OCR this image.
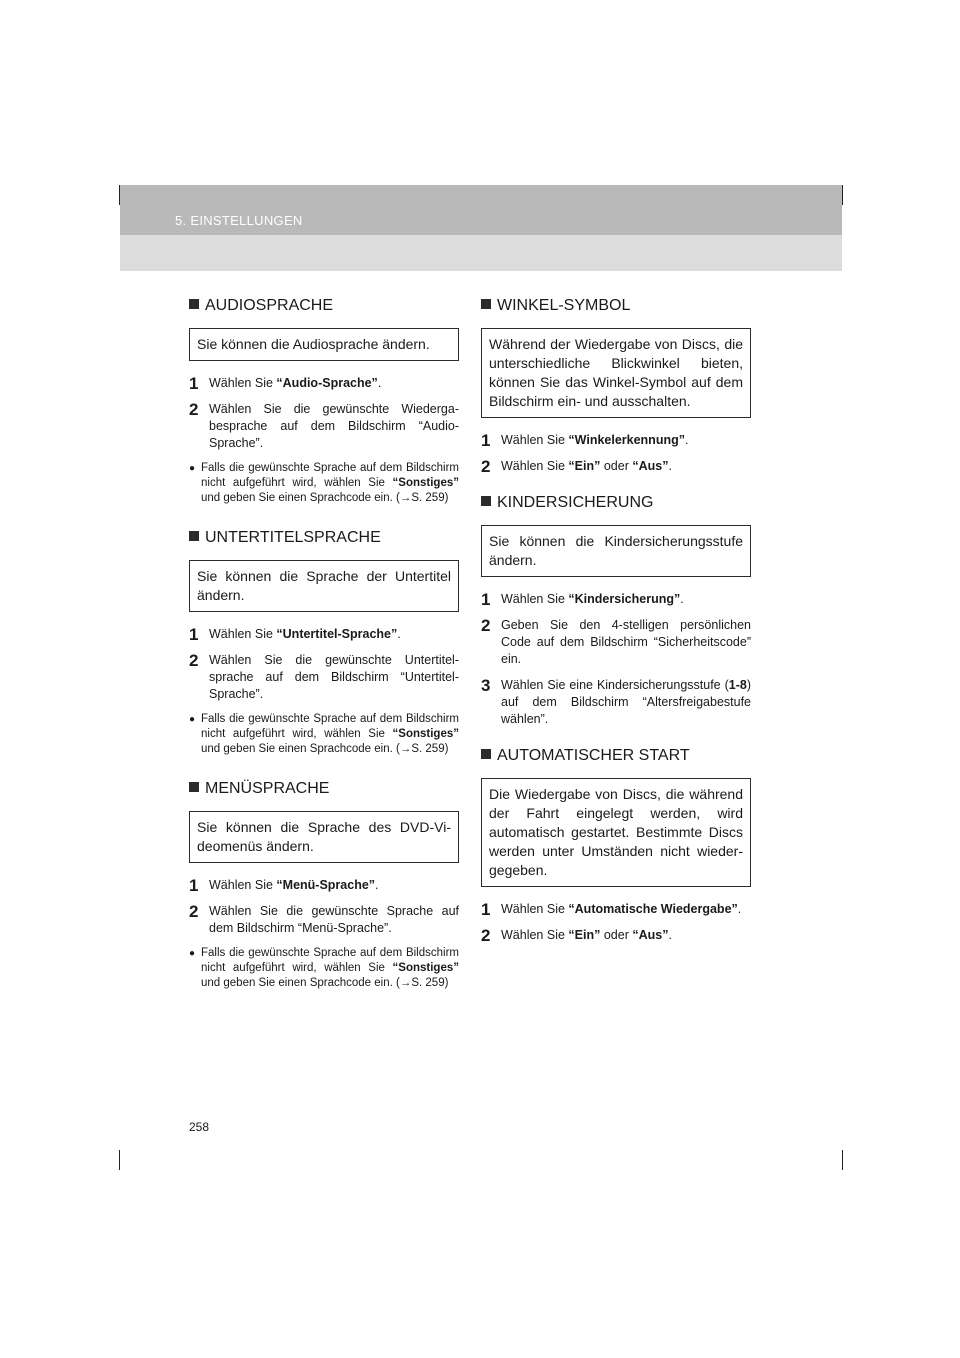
5. EINSTELLUNGEN
AUDIOSPRACHE
Sie können die Audiosprache ändern.
1 Wählen Sie “Audio-Sprache”.
2 Wählen Sie die gewünschte Wiedergabesprache auf dem Bildschirm “Audio-Sprache”.
● Falls die gewünschte Sprache auf dem Bildschirm nicht aufgeführt wird, wählen Sie “Sonstiges” und geben Sie einen Sprachcode ein. (→S. 259)
UNTERTITELSPRACHE
Sie können die Sprache der Untertitel ändern.
1 Wählen Sie “Untertitel-Sprache”.
2 Wählen Sie die gewünschte Untertitelsprache auf dem Bildschirm “Untertitel-Sprache”.
● Falls die gewünschte Sprache auf dem Bildschirm nicht aufgeführt wird, wählen Sie “Sonstiges” und geben Sie einen Sprachcode ein. (→S. 259)
MENÜSPRACHE
Sie können die Sprache des DVD-Videomenüs ändern.
1 Wählen Sie “Menü-Sprache”.
2 Wählen Sie die gewünschte Sprache auf dem Bildschirm “Menü-Sprache”.
● Falls die gewünschte Sprache auf dem Bildschirm nicht aufgeführt wird, wählen Sie “Sonstiges” und geben Sie einen Sprachcode ein. (→S. 259)
WINKEL-SYMBOL
Während der Wiedergabe von Discs, die unterschiedliche Blickwinkel bieten, können Sie das Winkel-Symbol auf dem Bildschirm ein- und ausschalten.
1 Wählen Sie “Winkelerkennung”.
2 Wählen Sie “Ein” oder “Aus”.
KINDERSICHERUNG
Sie können die Kindersicherungsstufe ändern.
1 Wählen Sie “Kindersicherung”.
2 Geben Sie den 4-stelligen persönlichen Code auf dem Bildschirm “Sicherheitscode” ein.
3 Wählen Sie eine Kindersicherungsstufe (1-8) auf dem Bildschirm “Altersfreigabestufe wählen”.
AUTOMATISCHER START
Die Wiedergabe von Discs, die während der Fahrt eingelegt werden, wird automatisch gestartet. Bestimmte Discs werden unter Umständen nicht wiedergegeben.
1 Wählen Sie “Automatische Wiedergabe”.
2 Wählen Sie “Ein” oder “Aus”.
258
